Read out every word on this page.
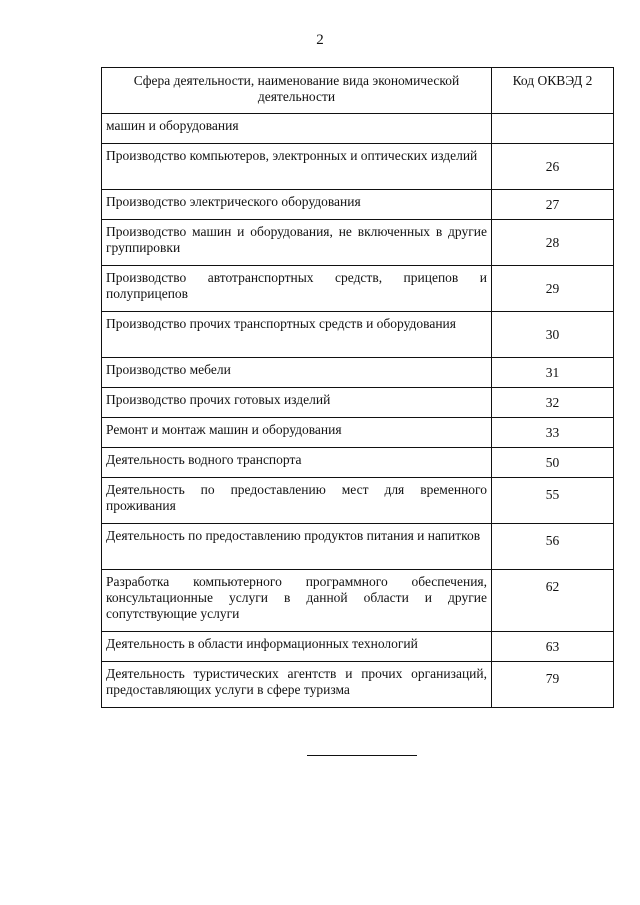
2
Сфера деятельности, наименование вида экономической деятельности	Код ОКВЭД 2
машин и оборудования	
Производство компьютеров, электронных и оптических изделий	26
Производство электрического оборудования	27
Производство машин и оборудования, не включенных в другие группировки	28
Производство автотранспортных средств, прицепов и полуприцепов	29
Производство прочих транспортных средств и оборудования	30
Производство мебели	31
Производство прочих готовых изделий	32
Ремонт и монтаж машин и оборудования	33
Деятельность водного транспорта	50
Деятельность по предоставлению мест для временного проживания	55
Деятельность по предоставлению продуктов питания и напитков	56
Разработка компьютерного программного обеспечения, консультационные услуги в данной области и другие сопутствующие услуги	62
Деятельность в области информационных технологий	63
Деятельность туристических агентств и прочих организаций, предоставляющих услуги в сфере туризма	79
